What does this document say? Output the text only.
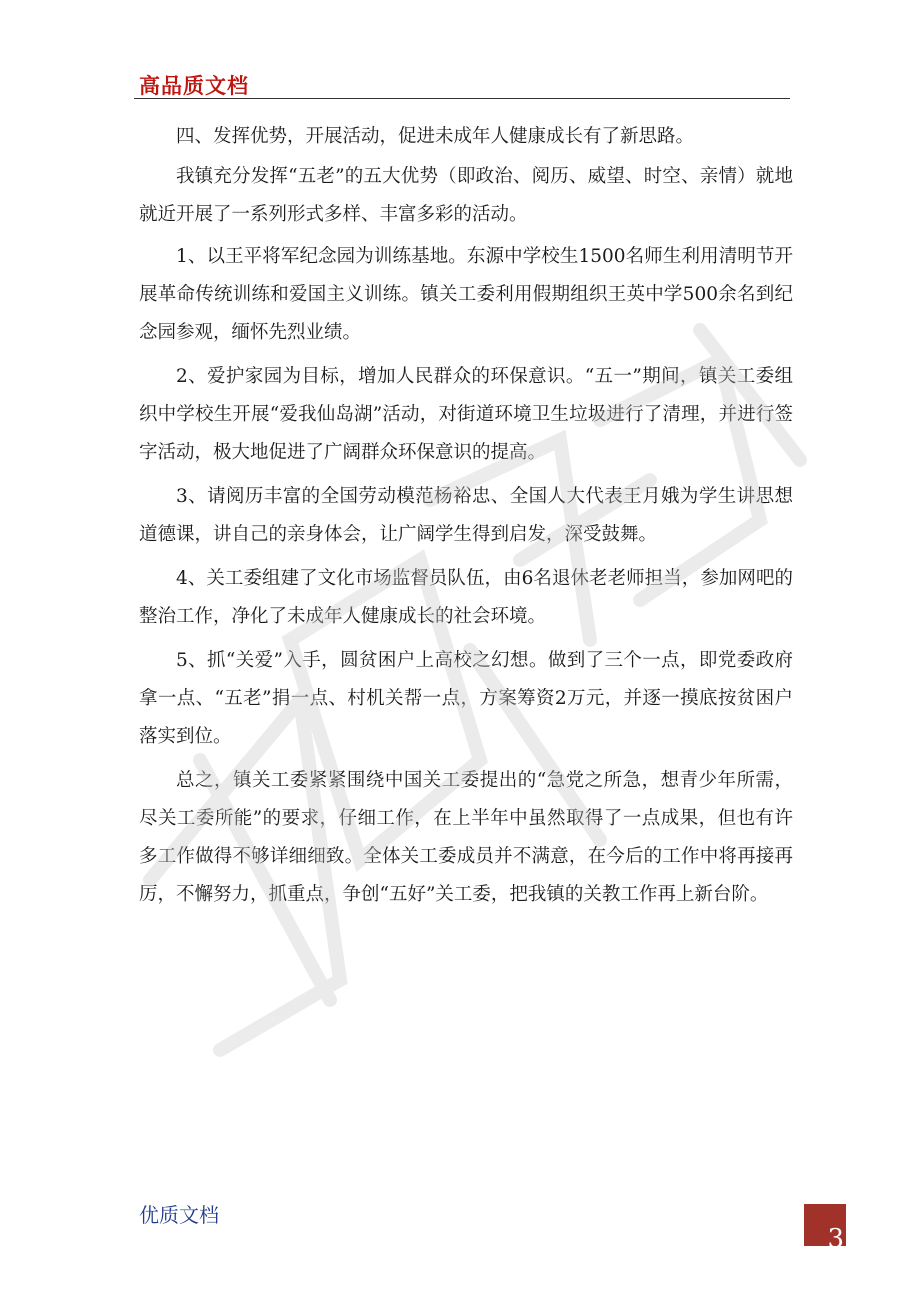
高品质文档

四、发挥优势，开展活动，促进未成年人健康成长有了新思路。

我镇充分发挥“五老”的五大优势（即政治、阅历、威望、时空、亲情）就地就近开展了一系列形式多样、丰富多彩的活动。

1、以王平将军纪念园为训练基地。东源中学校生1500名师生利用清明节开展革命传统训练和爱国主义训练。镇关工委利用假期组织王英中学500余名到纪念园参观，缅怀先烈业绩。

2、爱护家园为目标，增加人民群众的环保意识。“五一”期间，镇关工委组织中学校生开展“爱我仙岛湖”活动，对街道环境卫生垃圾进行了清理，并进行签字活动，极大地促进了广阔群众环保意识的提高。

3、请阅历丰富的全国劳动模范杨裕忠、全国人大代表王月娥为学生讲思想道德课，讲自己的亲身体会，让广阔学生得到启发，深受鼓舞。

4、关工委组建了文化市场监督员队伍，由6名退休老老师担当，参加网吧的整治工作，净化了未成年人健康成长的社会环境。

5、抓“关爱”入手，圆贫困户上高校之幻想。做到了三个一点，即党委政府拿一点、“五老”捐一点、村机关帮一点，方案筹资2万元，并逐一摸底按贫困户落实到位。

总之，镇关工委紧紧围绕中国关工委提出的“急党之所急，想青少年所需，尽关工委所能”的要求，仔细工作，在上半年中虽然取得了一点成果，但也有许多工作做得不够详细细致。全体关工委成员并不满意，在今后的工作中将再接再厉，不懈努力，抓重点，争创“五好”关工委，把我镇的关教工作再上新台阶。

优质文档
3
